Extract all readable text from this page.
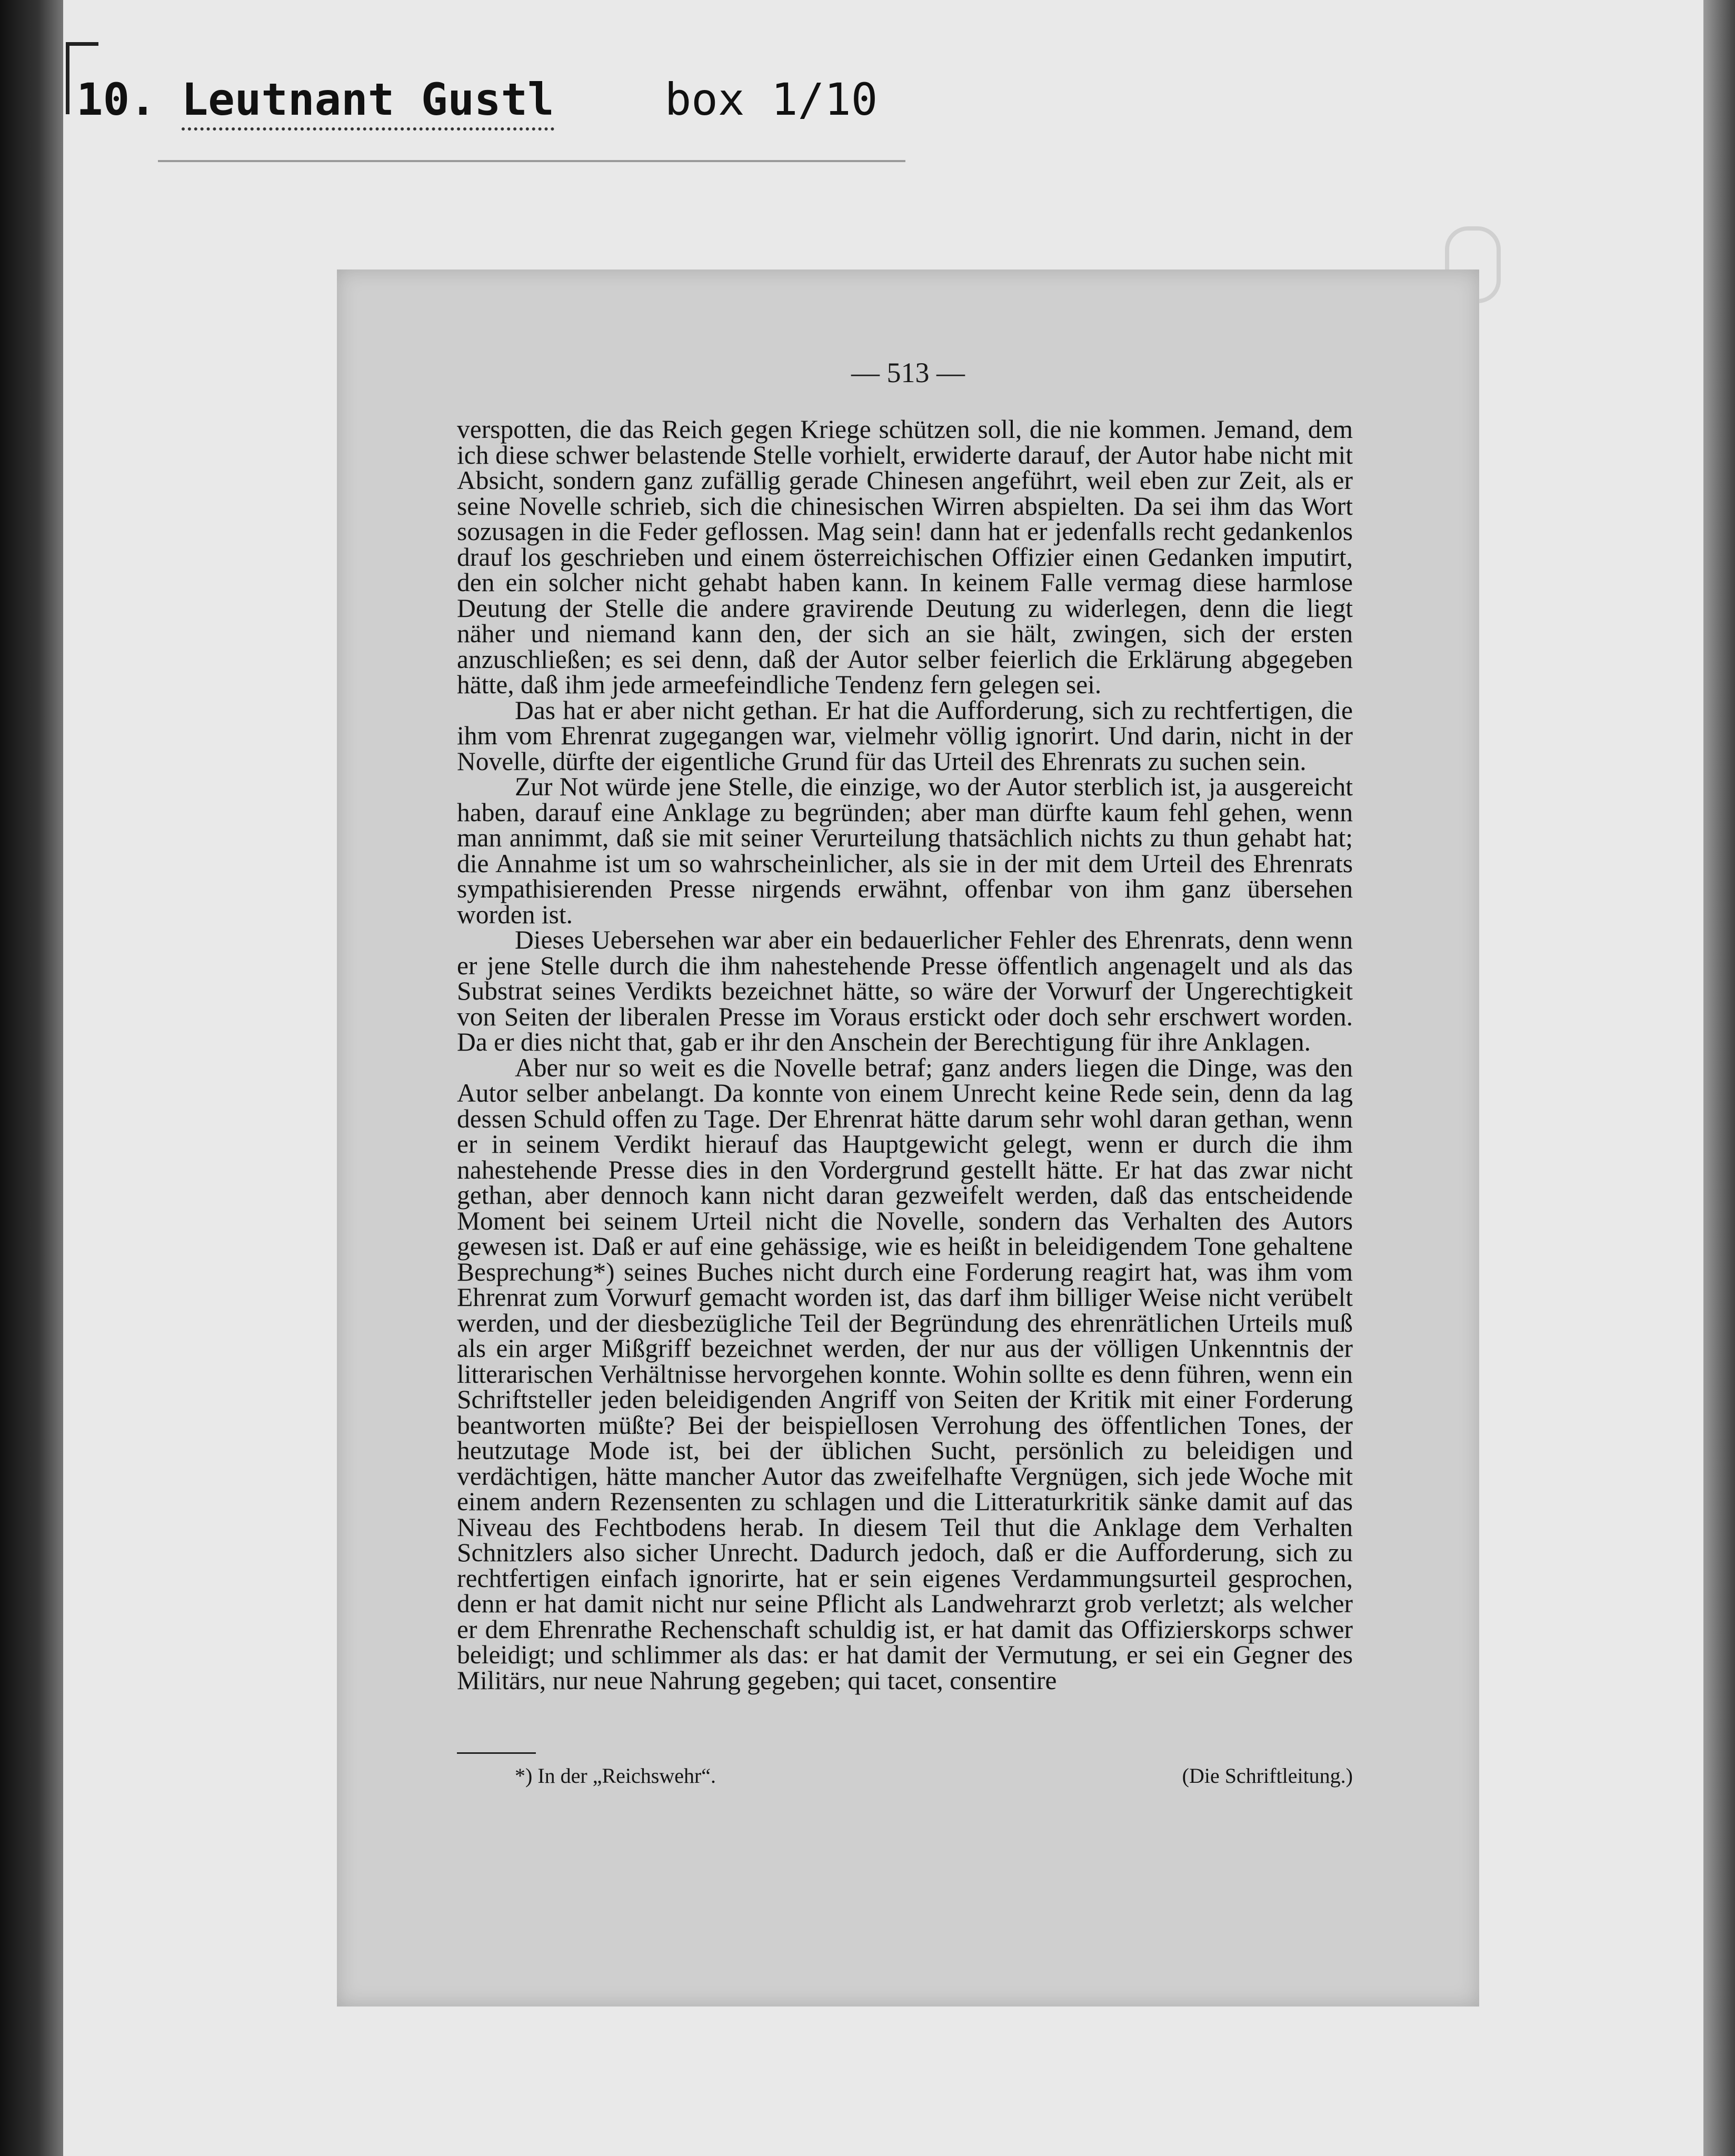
10. Leutnant Gustl	box 1/10
— 513 —

verspotten, die das Reich gegen Kriege schützen soll, die nie kommen. Jemand, dem ich diese schwer belastende Stelle vorhielt, erwiderte darauf, der Autor habe nicht mit Absicht, sondern ganz zufällig gerade Chinesen angeführt, weil eben zur Zeit, als er seine Novelle schrieb, sich die chinesischen Wirren abspielten. Da sei ihm das Wort sozusagen in die Feder geflossen. Mag sein! dann hat er jedenfalls recht gedankenlos drauf los geschrieben und einem österreichischen Offizier einen Gedanken imputirt, den ein solcher nicht gehabt haben kann. In keinem Falle vermag diese harmlose Deutung der Stelle die andere gravirende Deutung zu widerlegen, denn die liegt näher und niemand kann den, der sich an sie hält, zwingen, sich der ersten anzuschließen; es sei denn, daß der Autor selber feierlich die Erklärung abgegeben hätte, daß ihm jede armeefeindliche Tendenz fern gelegen sei.

Das hat er aber nicht gethan. Er hat die Aufforderung, sich zu rechtfertigen, die ihm vom Ehrenrat zugegangen war, vielmehr völlig ignorirt. Und darin, nicht in der Novelle, dürfte der eigentliche Grund für das Urteil des Ehrenrats zu suchen sein.

Zur Not würde jene Stelle, die einzige, wo der Autor sterblich ist, ja ausgereicht haben, darauf eine Anklage zu begründen; aber man dürfte kaum fehl gehen, wenn man annimmt, daß sie mit seiner Verurteilung thatsächlich nichts zu thun gehabt hat; die Annahme ist um so wahrscheinlicher, als sie in der mit dem Urteil des Ehrenrats sympathisierenden Presse nirgends erwähnt, offenbar von ihm ganz übersehen worden ist.

Dieses Uebersehen war aber ein bedauerlicher Fehler des Ehrenrats, denn wenn er jene Stelle durch die ihm nahestehende Presse öffentlich angenagelt und als das Substrat seines Verdikts bezeichnet hätte, so wäre der Vorwurf der Ungerechtigkeit von Seiten der liberalen Presse im Voraus erstickt oder doch sehr erschwert worden. Da er dies nicht that, gab er ihr den Anschein der Berechtigung für ihre Anklagen.

Aber nur so weit es die Novelle betraf; ganz anders liegen die Dinge, was den Autor selber anbelangt. Da konnte von einem Unrecht keine Rede sein, denn da lag dessen Schuld offen zu Tage. Der Ehrenrat hätte darum sehr wohl daran gethan, wenn er in seinem Verdikt hierauf das Hauptgewicht gelegt, wenn er durch die ihm nahestehende Presse dies in den Vordergrund gestellt hätte. Er hat das zwar nicht gethan, aber dennoch kann nicht daran gezweifelt werden, daß das entscheidende Moment bei seinem Urteil nicht die Novelle, sondern das Verhalten des Autors gewesen ist. Daß er auf eine gehässige, wie es heißt in beleidigendem Tone gehaltene Besprechung*) seines Buches nicht durch eine Forderung reagirt hat, was ihm vom Ehrenrat zum Vorwurf gemacht worden ist, das darf ihm billiger Weise nicht verübelt werden, und der diesbezügliche Teil der Begründung des ehrenrätlichen Urteils muß als ein arger Mißgriff bezeichnet werden, der nur aus der völligen Unkenntnis der litterarischen Verhältnisse hervorgehen konnte. Wohin sollte es denn führen, wenn ein Schriftsteller jeden beleidigenden Angriff von Seiten der Kritik mit einer Forderung beantworten müßte? Bei der beispiellosen Verrohung des öffentlichen Tones, der heutzutage Mode ist, bei der üblichen Sucht, persönlich zu beleidigen und verdächtigen, hätte mancher Autor das zweifelhafte Vergnügen, sich jede Woche mit einem andern Rezensenten zu schlagen und die Litteraturkritik sänke damit auf das Niveau des Fechtbodens herab. In diesem Teil thut die Anklage dem Verhalten Schnitzlers also sicher Unrecht. Dadurch jedoch, daß er die Aufforderung, sich zu rechtfertigen einfach ignorirte, hat er sein eigenes Verdammungsurteil gesprochen, denn er hat damit nicht nur seine Pflicht als Landwehrarzt grob verletzt; als welcher er dem Ehrenrathe Rechenschaft schuldig ist, er hat damit das Offizierskorps schwer beleidigt; und schlimmer als das: er hat damit der Vermutung, er sei ein Gegner des Militärs, nur neue Nahrung gegeben; qui tacet, consentire

*) In der „Reichswehr“.	(Die Schriftleitung.)
